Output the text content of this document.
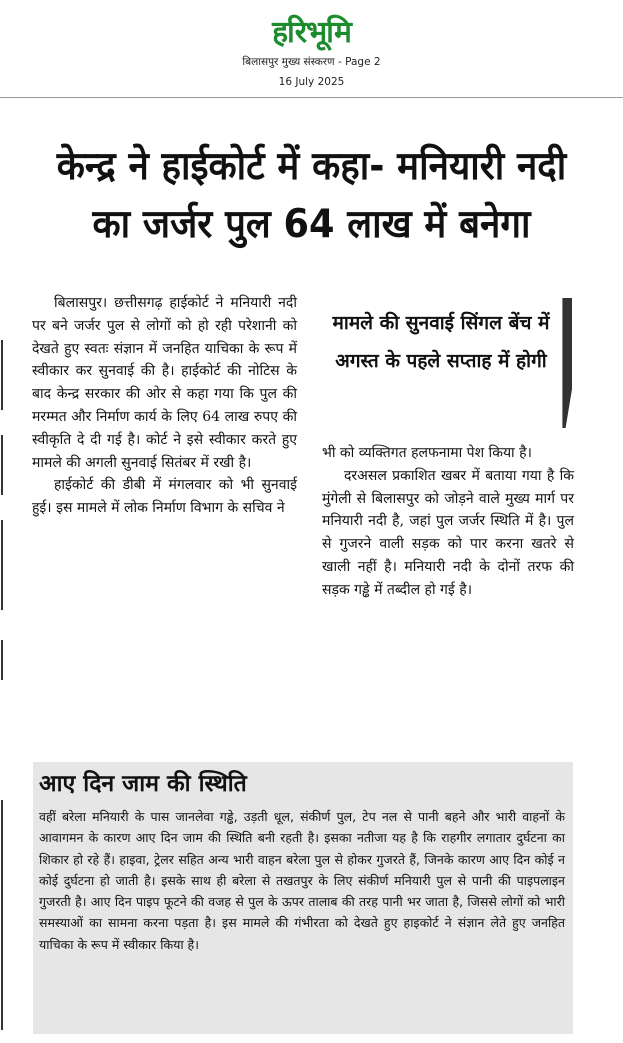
हरिभूमि
बिलासपुर मुख्य संस्करण - Page 2
16 July 2025
केन्द्र ने हाईकोर्ट में कहा- मनियारी नदी का जर्जर पुल 64 लाख में बनेगा

बिलासपुर। छत्तीसगढ़ हाईकोर्ट ने मनियारी नदी पर बने जर्जर पुल से लोगों को हो रही परेशानी को देखते हुए स्वतः संज्ञान में जनहित याचिका के रूप में स्वीकार कर सुनवाई की है। हाईकोर्ट की नोटिस के बाद केन्द्र सरकार की ओर से कहा गया कि पुल की मरम्मत और निर्माण कार्य के लिए 64 लाख रुपए की स्वीकृति दे दी गई है। कोर्ट ने इसे स्वीकार करते हुए मामले की अगली सुनवाई सितंबर में रखी है।

हाईकोर्ट की डीबी में मंगलवार को भी सुनवाई हुई। इस मामले में लोक निर्माण विभाग के सचिव ने

मामले की सुनवाई सिंगल बेंच में अगस्त के पहले सप्ताह में होगी

भी को व्यक्तिगत हलफनामा पेश किया है।

दरअसल प्रकाशित खबर में बताया गया है कि मुंगेली से बिलासपुर को जोड़ने वाले मुख्य मार्ग पर मनियारी नदी है, जहां पुल जर्जर स्थिति में है। पुल से गुजरने वाली सड़क को पार करना खतरे से खाली नहीं है। मनियारी नदी के दोनों तरफ की सड़क गड्ढे में तब्दील हो गई है।

आए दिन जाम की स्थिति
वहीं बरेला मनियारी के पास जानलेवा गड्ढे, उड़ती धूल, संकीर्ण पुल, टेप नल से पानी बहने और भारी वाहनों के आवागमन के कारण आए दिन जाम की स्थिति बनी रहती है। इसका नतीजा यह है कि राहगीर लगातार दुर्घटना का शिकार हो रहे हैं। हाइवा, ट्रेलर सहित अन्य भारी वाहन बरेला पुल से होकर गुजरते हैं, जिनके कारण आए दिन कोई न कोई दुर्घटना हो जाती है। इसके साथ ही बरेला से तखतपुर के लिए संकीर्ण मनियारी पुल से पानी की पाइपलाइन गुजरती है। आए दिन पाइप फूटने की वजह से पुल के ऊपर तालाब की तरह पानी भर जाता है, जिससे लोगों को भारी समस्याओं का सामना करना पड़ता है। इस मामले की गंभीरता को देखते हुए हाइकोर्ट ने संज्ञान लेते हुए जनहित याचिका के रूप में स्वीकार किया है।
